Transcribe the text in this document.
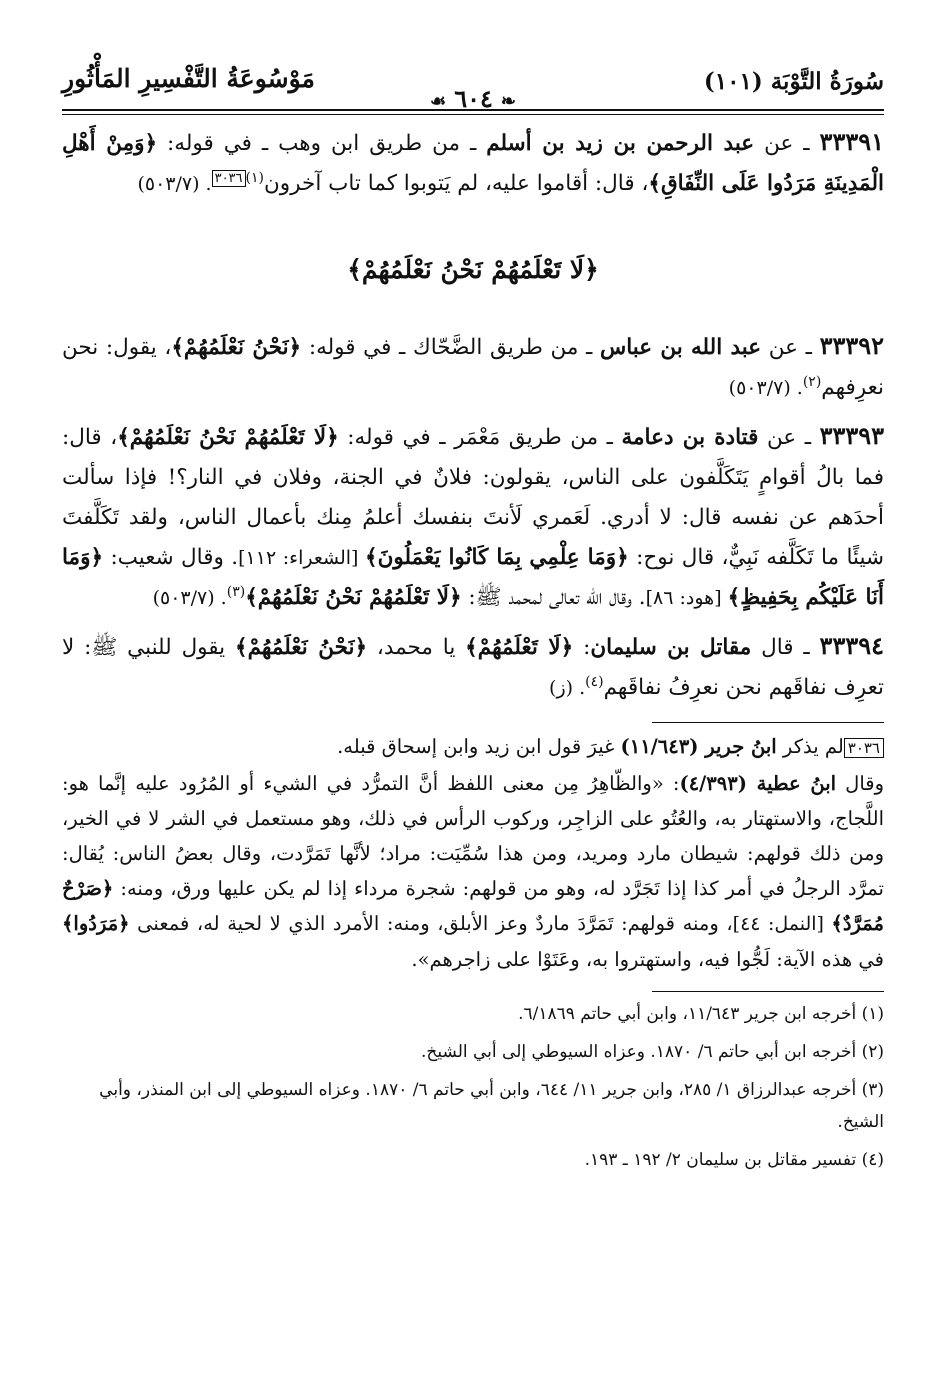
سُورَةُ التَّوْبَة (١٠١)
مَوْسُوعَةُ التَّفْسِيرِ المَأْثُورِ
❧٦٠٤☙

٣٣٣٩١ ـ عن عبد الرحمن بن زيد بن أسلم ـ من طريق ابن وهب ـ في قوله: ﴿وَمِنْ أَهْلِ الْمَدِينَةِ مَرَدُوا عَلَى النِّفَاقِ﴾، قال: أقاموا عليه، لم يَتوبوا كما تاب آخرون$^{(١)٣٠٣٦}$. (٥٠٣/٧)

﴿لَا تَعْلَمُهُمْ نَحْنُ نَعْلَمُهُمْ﴾

٣٣٣٩٢ ـ عن عبد الله بن عباس ـ من طريق الضَّحّاك ـ في قوله: ﴿نَحْنُ نَعْلَمُهُمْ﴾، يقول: نحن نعرِفهم$^{(٢)}$. (٥٠٣/٧)

٣٣٣٩٣ ـ عن قتادة بن دعامة ـ من طريق مَعْمَر ـ في قوله: ﴿لَا تَعْلَمُهُمْ نَحْنُ نَعْلَمُهُمْ﴾، قال: فما بالُ أقوامٍ يَتَكَلَّفون على الناس، يقولون: فلانٌ في الجنة، وفلان في النار؟! فإذا سألت أحدَهم عن نفسه قال: لا أدري. لَعَمري لَأنتَ بنفسك أعلمُ مِنك بأعمال الناس، ولقد تَكَلَّفتَ شيئًا ما تَكَلَّفه نَبِيٌّ، قال نوح: ﴿وَمَا عِلْمِي بِمَا كَانُوا يَعْمَلُونَ﴾ [الشعراء: ١١٢]. وقال شعيب: ﴿وَمَا أَنَا عَلَيْكُم بِحَفِيظٍ﴾ [هود: ٨٦]. وقال الله تعالى لمحمد ﷺ: ﴿لَا تَعْلَمُهُمْ نَحْنُ نَعْلَمُهُمْ﴾$^{(٣)}$. (٥٠٣/٧)

٣٣٣٩٤ ـ قال مقاتل بن سليمان: ﴿لَا تَعْلَمُهُمْ﴾ يا محمد، ﴿نَحْنُ نَعْلَمُهُمْ﴾ يقول للنبي ﷺ: لا تعرِف نفاقَهم نحن نعرِفُ نفاقَهم$^{(٤)}$. (ز)

٣٠٣٦لم يذكر ابنُ جرير (١١/٦٤٣) غيرَ قول ابن زيد وابن إسحاق قبله.

وقال ابنُ عطية (٤/٣٩٣): «والظّاهِرُ مِن معنى اللفظ أنَّ التمرُّد في الشيء أو المُرُود عليه إنَّما هو: اللَّجاج، والاستهتار به، والعُتُو على الزاجِر، وركوب الرأس في ذلك، وهو مستعمل في الشر لا في الخير، ومن ذلك قولهم: شيطان مارد ومريد، ومن هذا سُمِّيَت: مراد؛ لأنَّها تَمَرَّدت، وقال بعضُ الناس: يُقال: تمرَّد الرجلُ في أمر كذا إذا تَجَرَّد له، وهو من قولهم: شجرة مرداء إذا لم يكن عليها ورق، ومنه: ﴿صَرْحٌ مُمَرَّدٌ﴾ [النمل: ٤٤]، ومنه قولهم: تَمَرَّدَ ماردٌ وعز الأبلق، ومنه: الأمرد الذي لا لحية له، فمعنى ﴿مَرَدُوا﴾ في هذه الآية: لَجُّوا فيه، واستهتروا به، وعَتَوْا على زاجرهم».

(١) أخرجه ابن جرير ١١/٦٤٣، وابن أبي حاتم ٦/١٨٦٩.

(٢) أخرجه ابن أبي حاتم ٦/ ١٨٧٠. وعزاه السيوطي إلى أبي الشيخ.

(٣) أخرجه عبدالرزاق ١/ ٢٨٥، وابن جرير ١١/ ٦٤٤، وابن أبي حاتم ٦/ ١٨٧٠. وعزاه السيوطي إلى ابن المنذر، وأبي الشيخ.

(٤) تفسير مقاتل بن سليمان ٢/ ١٩٢ ـ ١٩٣.
